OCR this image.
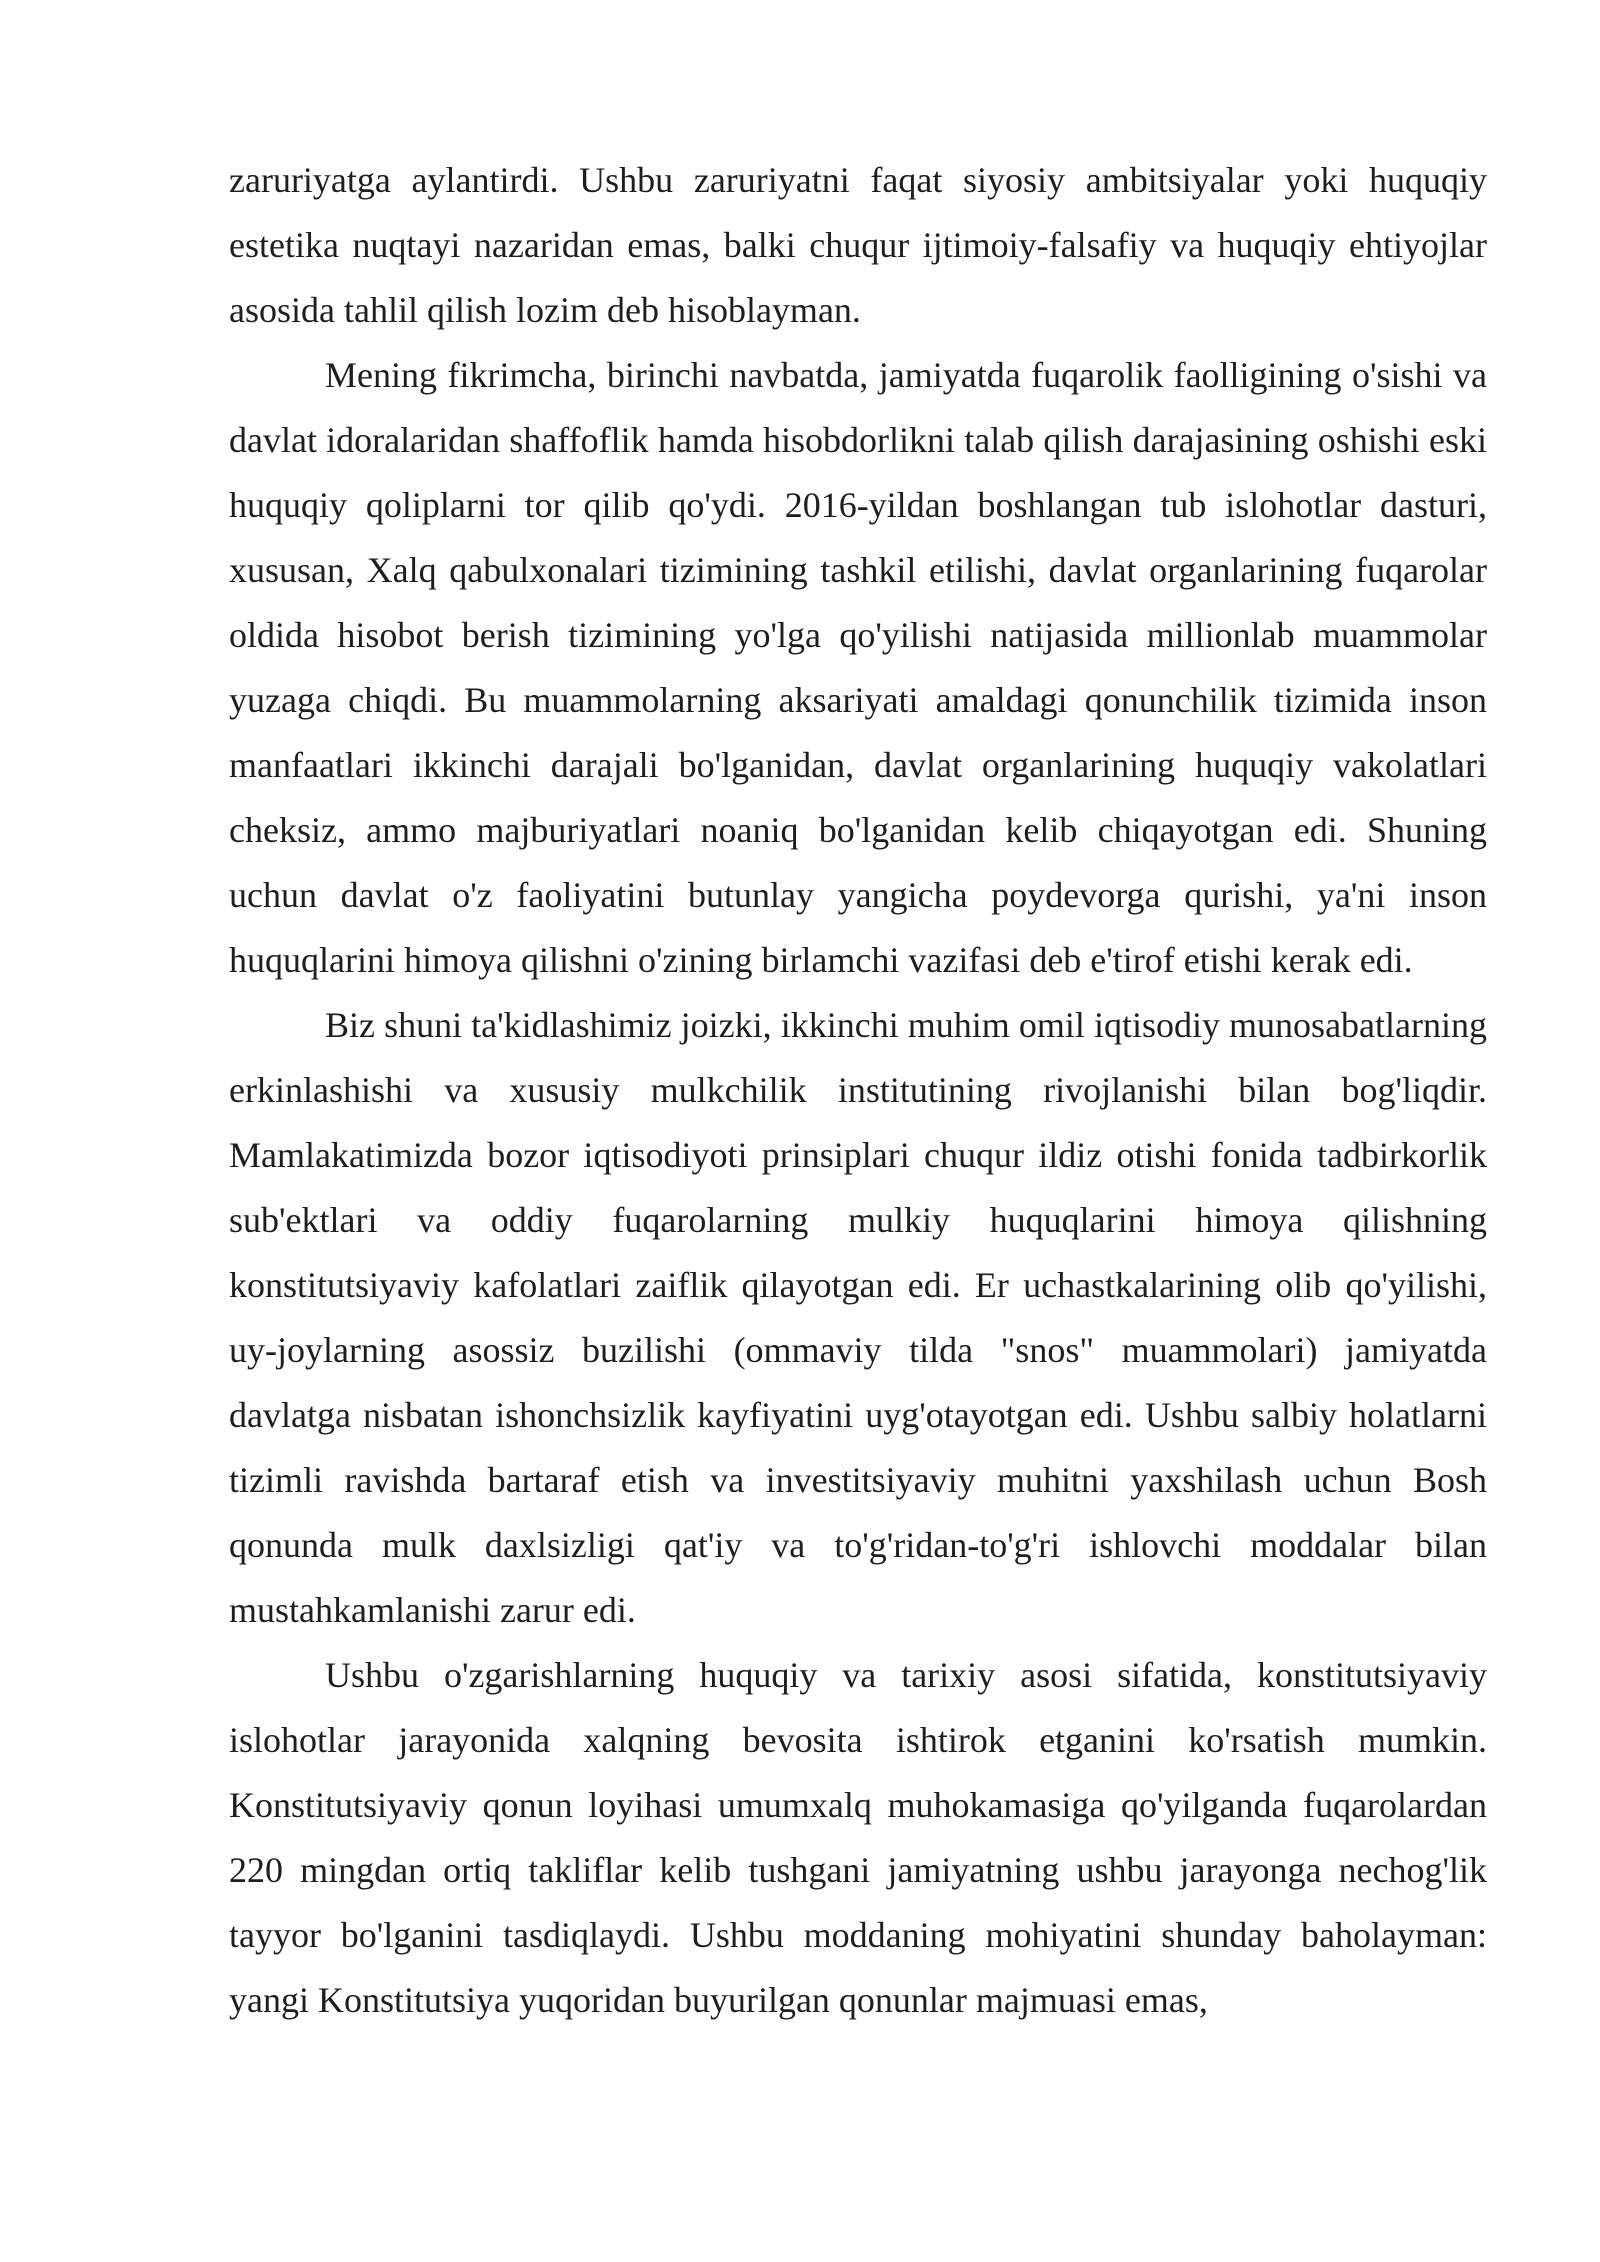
zaruriyatga aylantirdi. Ushbu zaruriyatni faqat siyosiy ambitsiyalar yoki huquqiy estetika nuqtayi nazaridan emas, balki chuqur ijtimoiy-falsafiy va huquqiy ehtiyojlar asosida tahlil qilish lozim deb hisoblayman.

Mening fikrimcha, birinchi navbatda, jamiyatda fuqarolik faolligining o'sishi va davlat idoralaridan shaffoflik hamda hisobdorlikni talab qilish darajasining oshishi eski huquqiy qoliplarni tor qilib qo'ydi. 2016-yildan boshlangan tub islohotlar dasturi, xususan, Xalq qabulxonalari tizimining tashkil etilishi, davlat organlarining fuqarolar oldida hisobot berish tizimining yo'lga qo'yilishi natijasida millionlab muammolar yuzaga chiqdi. Bu muammolarning aksariyati amaldagi qonunchilik tizimida inson manfaatlari ikkinchi darajali bo'lganidan, davlat organlarining huquqiy vakolatlari cheksiz, ammo majburiyatlari noaniq bo'lganidan kelib chiqayotgan edi. Shuning uchun davlat o'z faoliyatini butunlay yangicha poydevorga qurishi, ya'ni inson huquqlarini himoya qilishni o'zining birlamchi vazifasi deb e'tirof etishi kerak edi.

Biz shuni ta'kidlashimiz joizki, ikkinchi muhim omil iqtisodiy munosabatlarning erkinlashishi va xususiy mulkchilik institutining rivojlanishi bilan bog'liqdir. Mamlakatimizda bozor iqtisodiyoti prinsiplari chuqur ildiz otishi fonida tadbirkorlik sub'ektlari va oddiy fuqarolarning mulkiy huquqlarini himoya qilishning konstitutsiyaviy kafolatlari zaiflik qilayotgan edi. Er uchastkalarining olib qo'yilishi, uy-joylarning asossiz buzilishi (ommaviy tilda "snos" muammolari) jamiyatda davlatga nisbatan ishonchsizlik kayfiyatini uyg'otayotgan edi. Ushbu salbiy holatlarni tizimli ravishda bartaraf etish va investitsiyaviy muhitni yaxshilash uchun Bosh qonunda mulk daxlsizligi qat'iy va to'g'ridan-to'g'ri ishlovchi moddalar bilan mustahkamlanishi zarur edi.

Ushbu o'zgarishlarning huquqiy va tarixiy asosi sifatida, konstitutsiyaviy islohotlar jarayonida xalqning bevosita ishtirok etganini ko'rsatish mumkin. Konstitutsiyaviy qonun loyihasi umumxalq muhokamasiga qo'yilganda fuqarolardan 220 mingdan ortiq takliflar kelib tushgani jamiyatning ushbu jarayonga nechog'lik tayyor bo'lganini tasdiqlaydi. Ushbu moddaning mohiyatini shunday baholayman: yangi Konstitutsiya yuqoridan buyurilgan qonunlar majmuasi emas,
